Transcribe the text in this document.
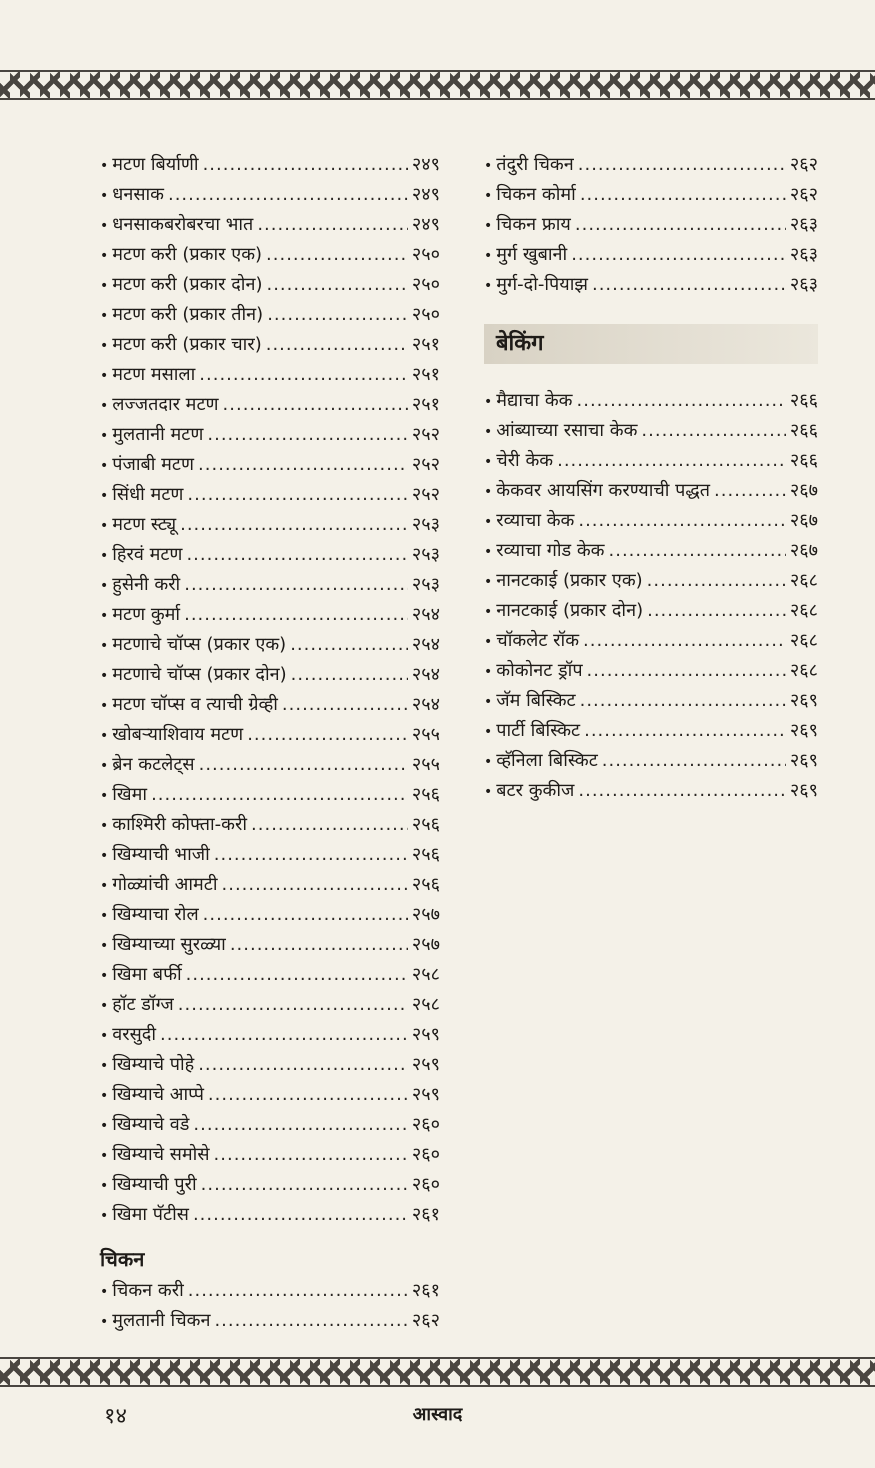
• मटण बिर्याणी .....	२४९
• धनसाक .....	२४९
• धनसाकबरोबरचा भात .....	२४९
• मटण करी (प्रकार एक) .....	२५०
• मटण करी (प्रकार दोन) .....	२५०
• मटण करी (प्रकार तीन) .....	२५०
• मटण करी (प्रकार चार) .....	२५१
• मटण मसाला .....	२५१
• लज्जतदार मटण .....	२५१
• मुलतानी मटण .....	२५२
• पंजाबी मटण .....	२५२
• सिंधी मटण .....	२५२
• मटण स्ट्यू .....	२५३
• हिरवं मटण .....	२५३
• हुसेनी करी .....	२५३
• मटण कुर्मा .....	२५४
• मटणाचे चॉप्स (प्रकार एक) .....	२५४
• मटणाचे चॉप्स (प्रकार दोन) .....	२५४
• मटण चॉप्स व त्याची ग्रेव्ही .....	२५४
• खोबऱ्याशिवाय मटण .....	२५५
• ब्रेन कटलेट्स .....	२५५
• खिमा .....	२५६
• काश्मिरी कोफ्ता-करी .....	२५६
• खिम्याची भाजी .....	२५६
• गोळ्यांची आमटी .....	२५६
• खिम्याचा रोल .....	२५७
• खिम्याच्या सुरळ्या .....	२५७
• खिमा बर्फी .....	२५८
• हॉट डॉग्ज .....	२५८
• वरसुदी .....	२५९
• खिम्याचे पोहे .....	२५९
• खिम्याचे आप्पे .....	२५९
• खिम्याचे वडे .....	२६०
• खिम्याचे समोसे .....	२६०
• खिम्याची पुरी .....	२६०
• खिमा पॅटीस .....	२६१
चिकन
• चिकन करी .....	२६१
• मुलतानी चिकन .....	२६२
• तंदुरी चिकन .....	२६२
• चिकन कोर्मा .....	२६२
• चिकन फ्राय .....	२६३
• मुर्ग खुबानी .....	२६३
• मुर्ग-दो-पियाझ .....	२६३
बेकिंग
• मैद्याचा केक .....	२६६
• आंब्याच्या रसाचा केक .....	२६६
• चेरी केक .....	२६६
• केकवर आयसिंग करण्याची पद्धत .....	२६७
• रव्याचा केक .....	२६७
• रव्याचा गोड केक .....	२६७
• नानटकाई (प्रकार एक) .....	२६८
• नानटकाई (प्रकार दोन) .....	२६८
• चॉकलेट रॉक .....	२६८
• कोकोनट ड्रॉप .....	२६८
• जॅम बिस्किट .....	२६९
• पार्टी बिस्किट .....	२६९
• व्हॅनिला बिस्किट .....	२६९
• बटर कुकीज .....	२६९
१४	आस्वाद
